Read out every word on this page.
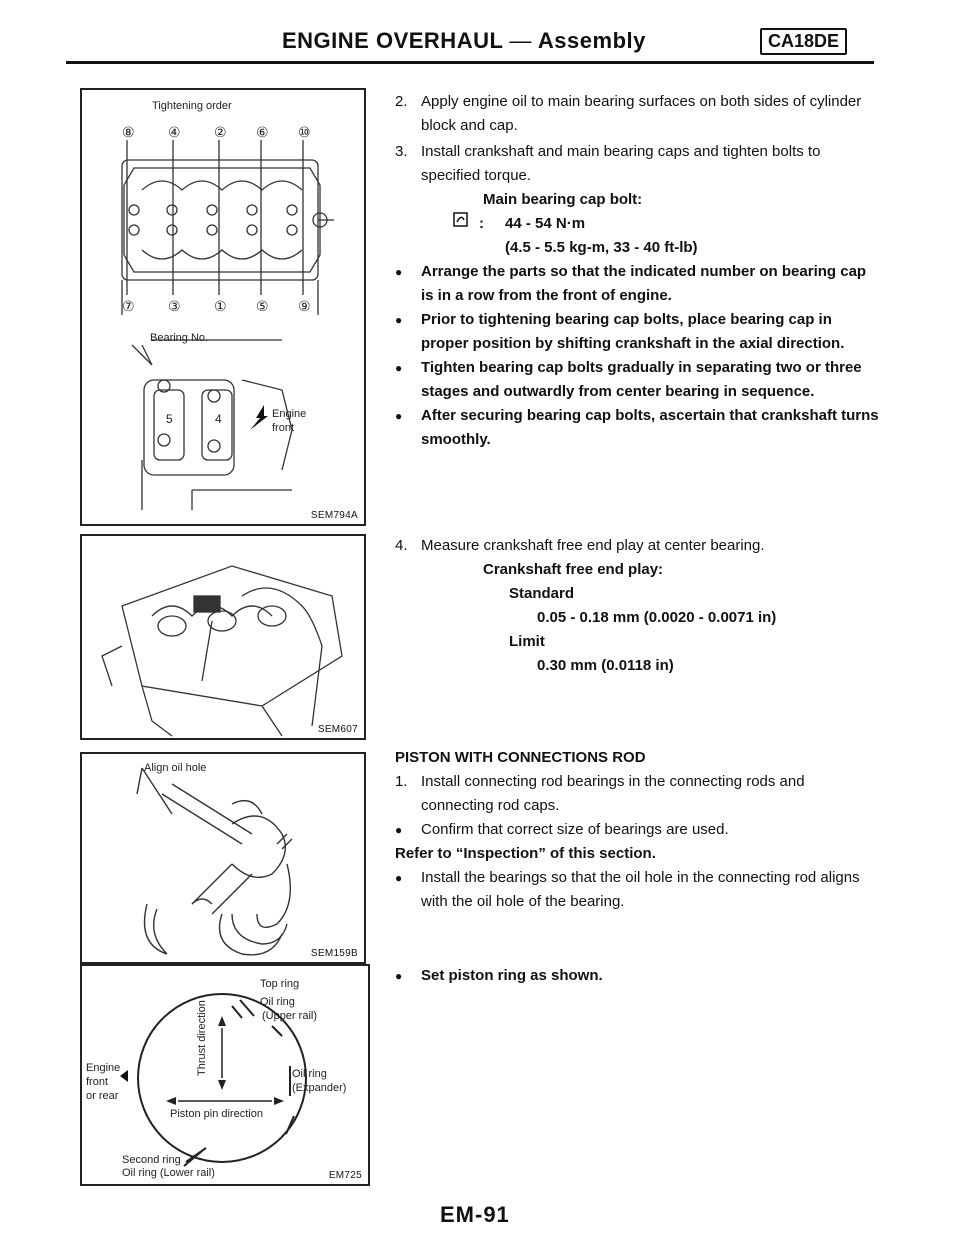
ENGINE OVERHAUL — Assembly	CA18DE
Tightening order
⑧ ④ ② ⑥ ⑩
⑦ ③ ① ⑤ ⑨
Bearing No.
5	4	Engine
front
SEM794A
SEM607
Align oil hole
SEM159B
Top ring
Oil ring
(Upper rail)
Oil ring
(Expander)
Thrust direction
Piston pin direction
Engine
front
or rear
Second ring
Oil ring (Lower rail)	EM725
2. Apply engine oil to main bearing surfaces on both sides of cylinder block and cap.
3. Install crankshaft and main bearing caps and tighten bolts to specified torque.
Main bearing cap bolt:
: 44 - 54 N·m
(4.5 - 5.5 kg-m, 33 - 40 ft-lb)
●	Arrange the parts so that the indicated number on bearing cap is in a row from the front of engine.
●	Prior to tightening bearing cap bolts, place bearing cap in proper position by shifting crankshaft in the axial direction.
●	Tighten bearing cap bolts gradually in separating two or three stages and outwardly from center bearing in sequence.
●	After securing bearing cap bolts, ascertain that crankshaft turns smoothly.
4. Measure crankshaft free end play at center bearing.
Crankshaft free end play:
Standard
0.05 - 0.18 mm (0.0020 - 0.0071 in)
Limit
0.30 mm (0.0118 in)
PISTON WITH CONNECTIONS ROD
1. Install connecting rod bearings in the connecting rods and connecting rod caps.
●	Confirm that correct size of bearings are used.
Refer to “Inspection” of this section.
●	Install the bearings so that the oil hole in the connecting rod aligns with the oil hole of the bearing.
●	Set piston ring as shown.
EM-91
